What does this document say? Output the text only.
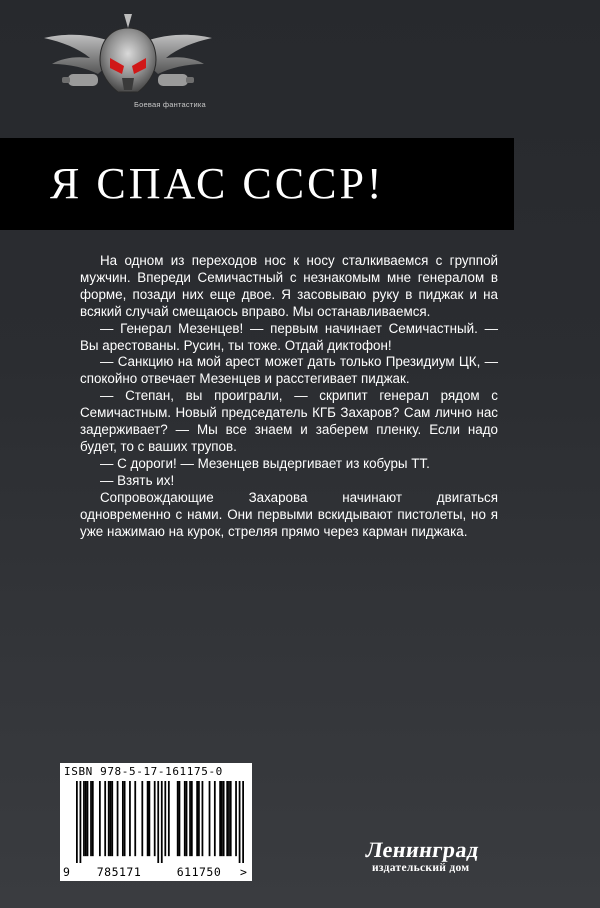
Боевая фантастика
Я СПАС СССР!

На одном из переходов нос к носу сталкиваемся с группой мужчин. Впереди Семичастный с незнакомым мне генералом в форме, позади них еще двое. Я засовываю руку в пиджак и на всякий случай смещаюсь вправо. Мы останавливаемся.

— Генерал Мезенцев! — первым начинает Семичастный. — Вы арестованы. Русин, ты тоже. Отдай диктофон!

— Санкцию на мой арест может дать только Президиум ЦК, — спокойно отвечает Мезенцев и расстегивает пиджак.

— Степан, вы проиграли, — скрипит генерал рядом с Семичастным. Новый председатель КГБ Захаров? Сам лично нас задерживает? — Мы все знаем и заберем пленку. Если надо будет, то с ваших трупов.

— С дороги! — Мезенцев выдергивает из кобуры ТТ.

— Взять их!

Сопровождающие Захарова начинают двигаться одновременно с нами. Они первыми вскидывают пистолеты, но я уже нажимаю на курок, стреляя прямо через карман пиджака.

ISBN 978-5-17-161175-0
9	785171	611750	>
Ленинград
издательский дом
